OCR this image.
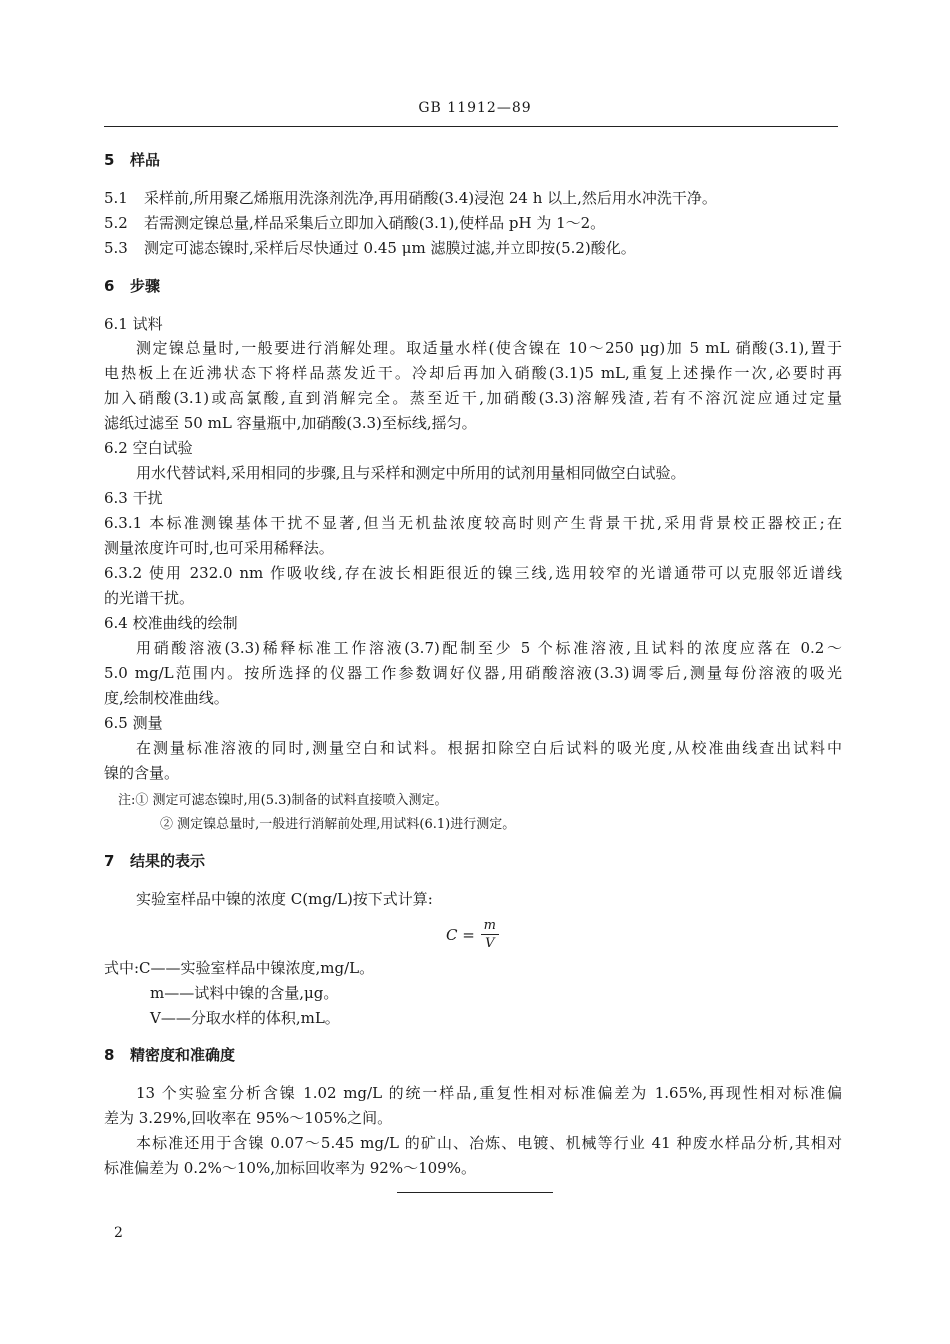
GB 11912—89
5 样品
5.1 采样前,所用聚乙烯瓶用洗涤剂洗净,再用硝酸(3.4)浸泡 24 h 以上,然后用水冲洗干净。
5.2 若需测定镍总量,样品采集后立即加入硝酸(3.1),使样品 pH 为 1～2。
5.3 测定可滤态镍时,采样后尽快通过 0.45 μm 滤膜过滤,并立即按(5.2)酸化。
6 步骤
6.1 试料
测定镍总量时,一般要进行消解处理。取适量水样(使含镍在 10～250 μg)加 5 mL 硝酸(3.1),置于
电热板上在近沸状态下将样品蒸发近干。冷却后再加入硝酸(3.1)5 mL,重复上述操作一次,必要时再
加入硝酸(3.1)或高氯酸,直到消解完全。蒸至近干,加硝酸(3.3)溶解残渣,若有不溶沉淀应通过定量
滤纸过滤至 50 mL 容量瓶中,加硝酸(3.3)至标线,摇匀。
6.2 空白试验
用水代替试料,采用相同的步骤,且与采样和测定中所用的试剂用量相同做空白试验。
6.3 干扰
6.3.1 本标准测镍基体干扰不显著,但当无机盐浓度较高时则产生背景干扰,采用背景校正器校正;在
测量浓度许可时,也可采用稀释法。
6.3.2 使用 232.0 nm 作吸收线,存在波长相距很近的镍三线,选用较窄的光谱通带可以克服邻近谱线
的光谱干扰。
6.4 校准曲线的绘制
用硝酸溶液(3.3)稀释标准工作溶液(3.7)配制至少 5 个标准溶液,且试料的浓度应落在 0.2～
5.0 mg/L范围内。按所选择的仪器工作参数调好仪器,用硝酸溶液(3.3)调零后,测量每份溶液的吸光
度,绘制校准曲线。
6.5 测量
在测量标准溶液的同时,测量空白和试料。根据扣除空白后试料的吸光度,从校准曲线查出试料中
镍的含量。
注:① 测定可滤态镍时,用(5.3)制备的试料直接喷入测定。
② 测定镍总量时,一般进行消解前处理,用试料(6.1)进行测定。
7 结果的表示
实验室样品中镍的浓度 C(mg/L)按下式计算:
$C = \frac{m}{V}$
式中:C——实验室样品中镍浓度,mg/L。
m——试料中镍的含量,μg。
V——分取水样的体积,mL。
8 精密度和准确度
13 个实验室分析含镍 1.02 mg/L 的统一样品,重复性相对标准偏差为 1.65%,再现性相对标准偏
差为 3.29%,回收率在 95%～105%之间。
本标准还用于含镍 0.07～5.45 mg/L 的矿山、冶炼、电镀、机械等行业 41 种废水样品分析,其相对
标准偏差为 0.2%～10%,加标回收率为 92%～109%。
2
